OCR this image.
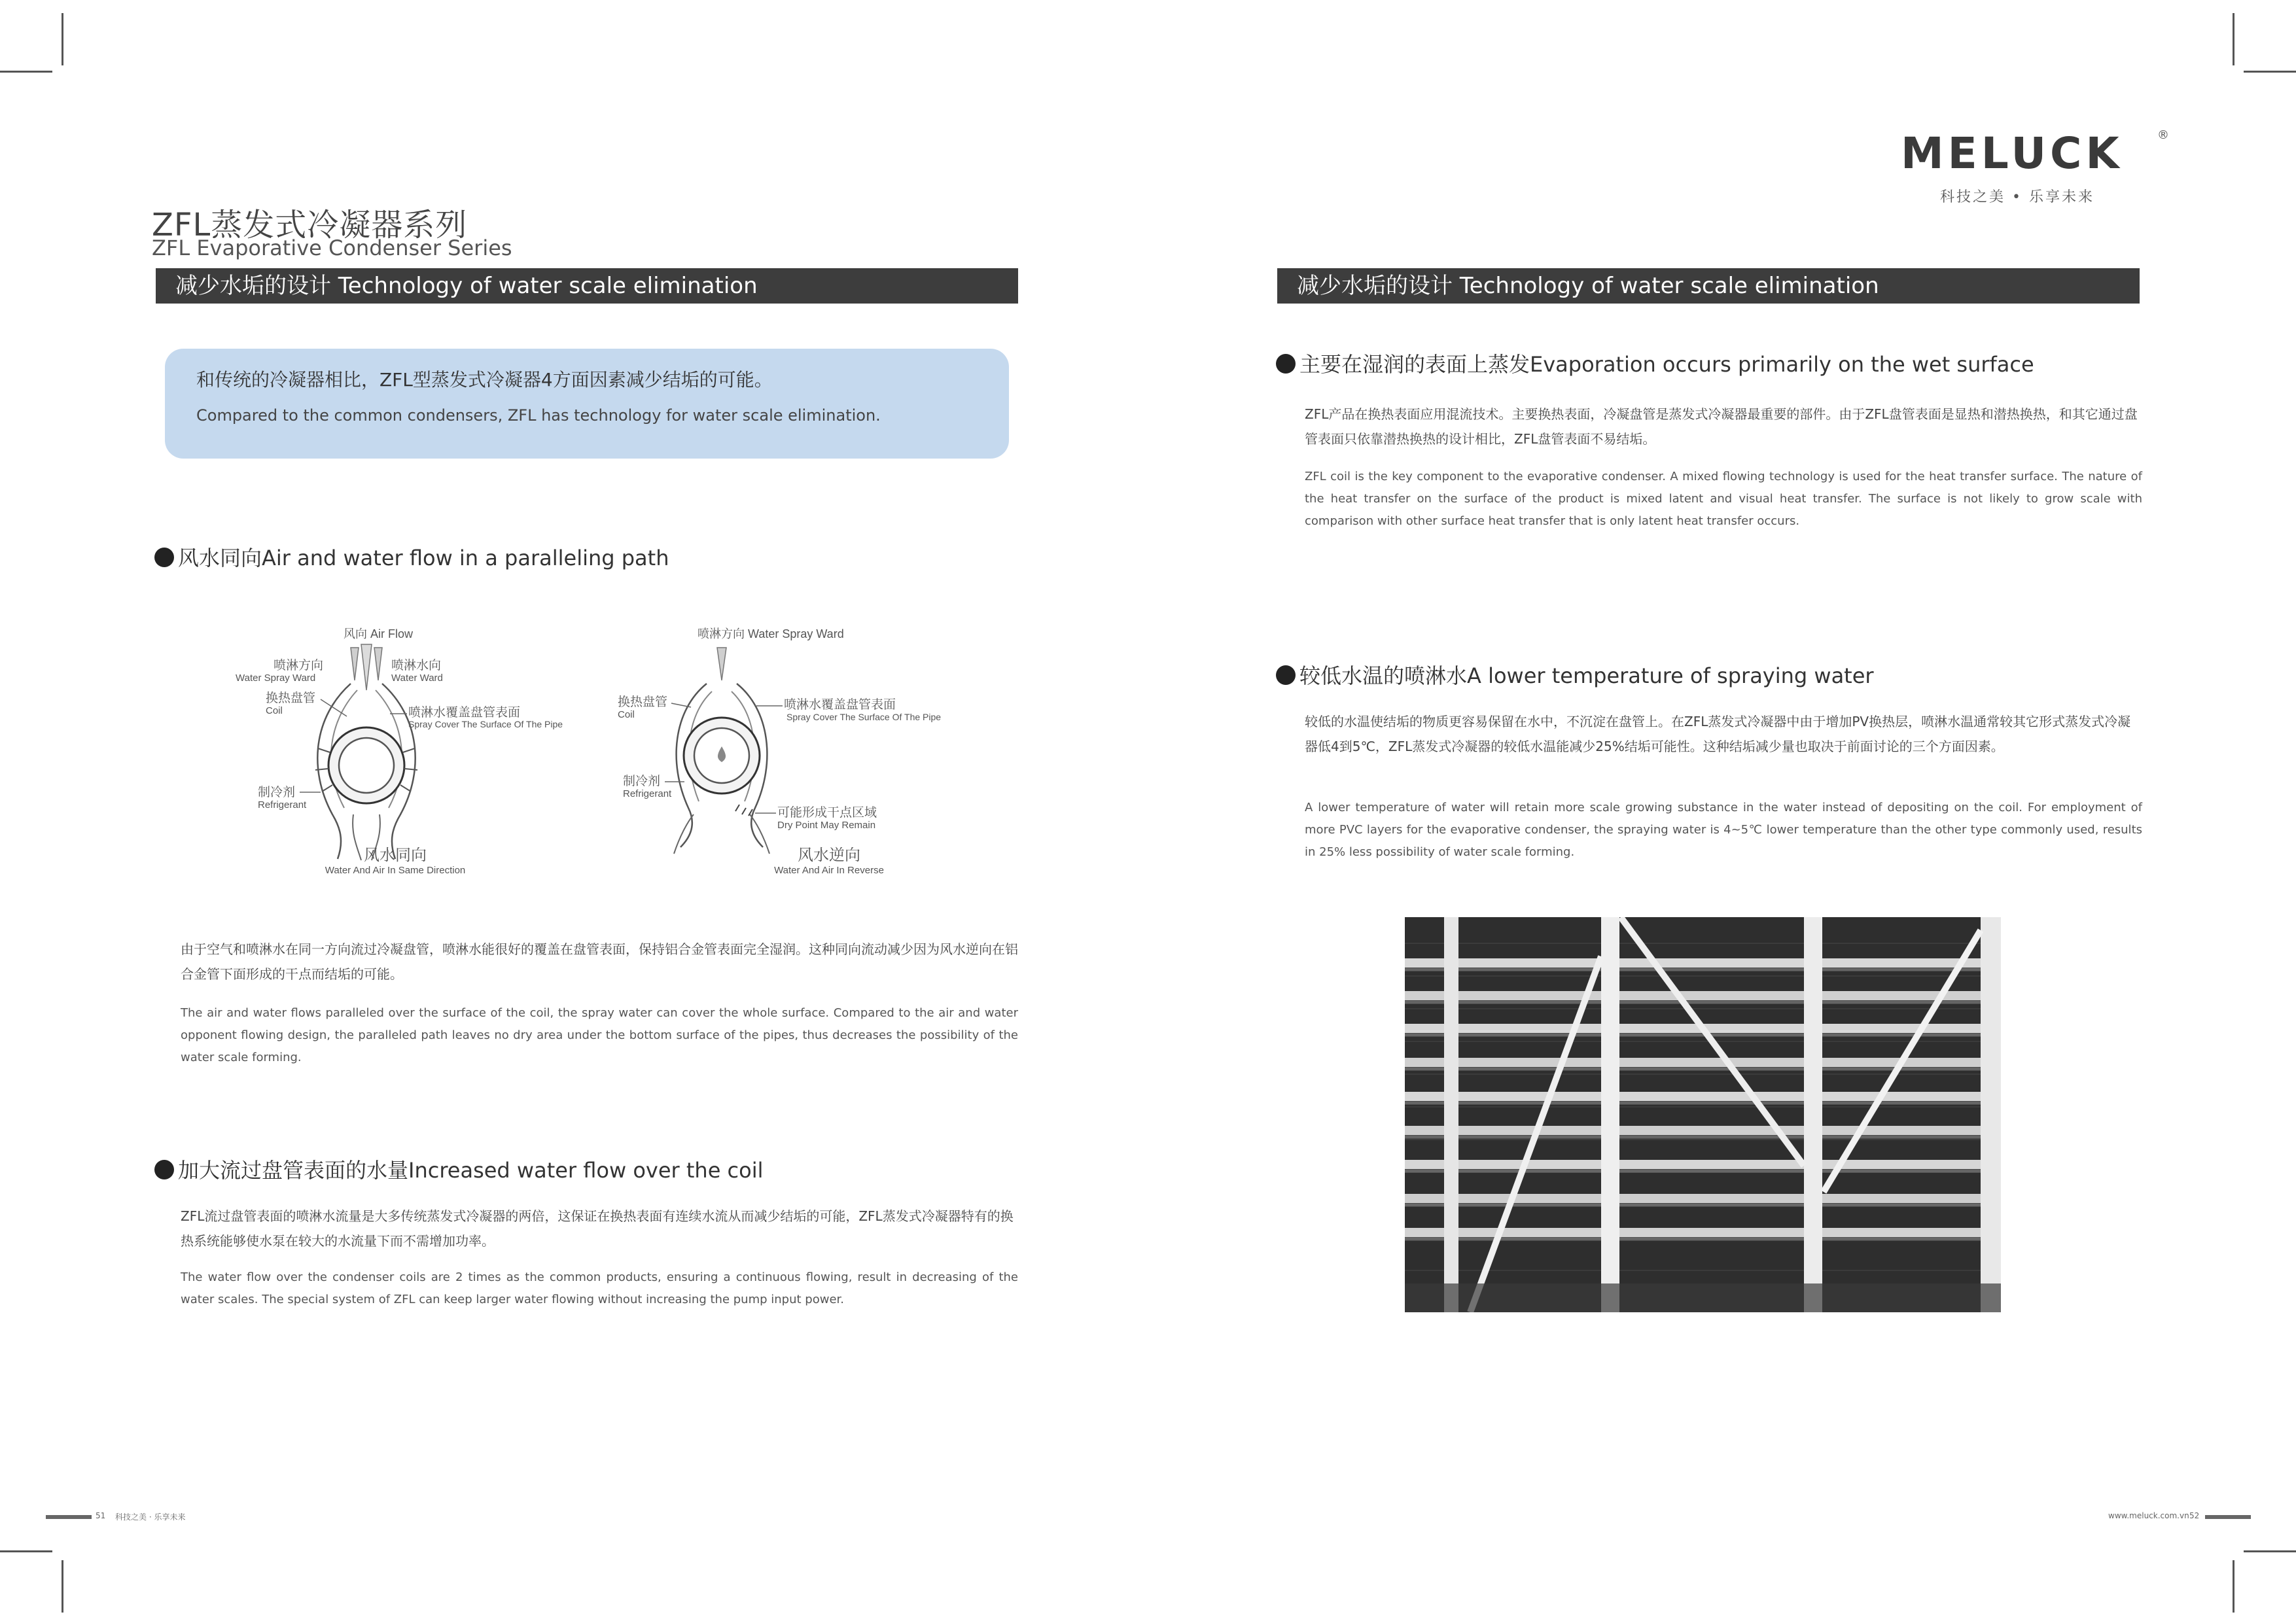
MELUCK	®
科技之美 • 乐享未来
ZFL蒸发式冷凝器系列
ZFL Evaporative Condenser Series
减少水垢的设计 Technology of water scale elimination	减少水垢的设计 Technology of water scale elimination
和传统的冷凝器相比，ZFL型蒸发式冷凝器4方面因素减少结垢的可能。
Compared to the common condensers, ZFL has technology for water scale elimination.
风水同向Air and water flow in a paralleling path
风向 Air Flow
喷淋方向
Water Spray Ward
喷淋水向
Water Ward
换热盘管
Coil	喷淋水覆盖盘管表面
Spray Cover The Surface Of The Pipe
制冷剂
Refrigerant
风水同向
Water And Air In Same Direction
喷淋方向 Water Spray Ward
换热盘管
Coil
喷淋水覆盖盘管表面
Spray Cover The Surface Of The Pipe
制冷剂
Refrigerant
可能形成干点区域
Dry Point May Remain
风水逆向
Water And Air In Reverse
由于空气和喷淋水在同一方向流过冷凝盘管，喷淋水能很好的覆盖在盘管表面，保持铝合金管表面完全湿润。这种同向流动减少因为风水逆向在铝合金管下面形成的干点而结垢的可能。
The air and water flows paralleled over the surface of the coil, the spray water can cover the whole surface. Compared to the air and water opponent flowing design, the paralleled path leaves no dry area under the bottom surface of the pipes, thus decreases the possibility of the water scale forming.
加大流过盘管表面的水量Increased water flow over the coil
ZFL流过盘管表面的喷淋水流量是大多传统蒸发式冷凝器的两倍，这保证在换热表面有连续水流从而减少结垢的可能，ZFL蒸发式冷凝器特有的换热系统能够使水泵在较大的水流量下而不需增加功率。
The water flow over the condenser coils are 2 times as the common products, ensuring a continuous flowing, result in decreasing of the water scales. The special system of ZFL can keep larger water flowing without increasing the pump input power.
主要在湿润的表面上蒸发Evaporation occurs primarily on the wet surface
ZFL产品在换热表面应用混流技术。主要换热表面，冷凝盘管是蒸发式冷凝器最重要的部件。由于ZFL盘管表面是显热和潜热换热，和其它通过盘管表面只依靠潜热换热的设计相比，ZFL盘管表面不易结垢。
ZFL coil is the key component to the evaporative condenser. A mixed flowing technology is used for the heat transfer surface. The nature of the heat transfer on the surface of the product is mixed latent and visual heat transfer. The surface is not likely to grow scale with comparison with other surface heat transfer that is only latent heat transfer occurs.
较低水温的喷淋水A lower temperature of spraying water
较低的水温使结垢的物质更容易保留在水中，不沉淀在盘管上。在ZFL蒸发式冷凝器中由于增加PV换热层，喷淋水温通常较其它形式蒸发式冷凝器低4到5℃，ZFL蒸发式冷凝器的较低水温能减少25%结垢可能性。这种结垢减少量也取决于前面讨论的三个方面因素。
A lower temperature of water will retain more scale growing substance in the water instead of depositing on the coil. For employment of more PVC layers for the evaporative condenser, the spraying water is 4~5℃ lower temperature than the other type commonly used, results in 25% less possibility of water scale forming.
51 科技之美 · 乐享未来	www.meluck.com.vn 52
